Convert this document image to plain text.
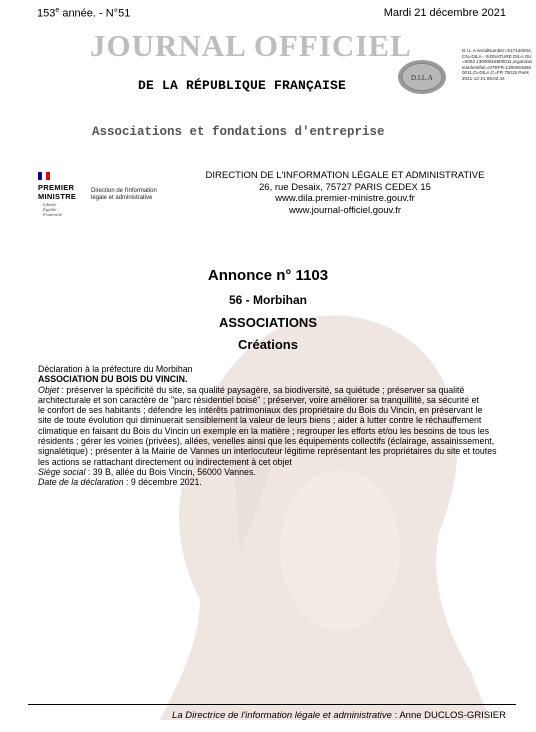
153e année. - N°51	Mardi 21 décembre 2021
JOURNAL OFFICIEL
DE LA RÉPUBLIQUE FRANÇAISE	D.I.L.A
D.I.L.A serialNumber=S17140003,CN=DILA - SIGNATURE DILA,OU=0002 13000918600011,organizationIdentifier=NTRFR-13000918600011,O=DILA,C=FR 75015 Paris 2021-12-21 09:02:44
Associations et fondations d'entreprise
PREMIER
MINISTRE
Liberté
Égalité
Fraternité
Direction de l'information
légale et administrative
DIRECTION DE L'INFORMATION LÉGALE ET ADMINISTRATIVE
26, rue Desaix, 75727 PARIS CEDEX 15
www.dila.premier-ministre.gouv.fr
www.journal-officiel.gouv.fr
Annonce n° 1103
56 - Morbihan
ASSOCIATIONS
Créations
Déclaration à la préfecture du Morbihan
ASSOCIATION DU BOIS DU VINCIN.
Objet : préserver la spécificité du site, sa qualité paysagère, sa biodiversité, sa quiétude ; préserver sa qualité
architecturale et son caractère de "parc résidentiel boisé" ; préserver, voire améliorer sa tranquillité, sa sécurité et
le confort de ses habitants ; défendre les intérêts patrimoniaux des propriétaire du Bois du Vincin, en préservant le
site de toute évolution qui diminuerait sensiblement la valeur de leurs biens ; aider à lutter contre le réchauffement
climatique en faisant du Bois du Vincin un exemple en la matière ; regrouper les efforts et/ou les besoins de tous les
résidents ; gérer les voiries (privées), allées, venelles ainsi que les équipements collectifs (éclairage, assainissement,
signalétique) ; présenter à la Mairie de Vannes un interlocuteur légitime représentant les propriétaires du site et toutes
les actions se rattachant directement ou indirectement à cet objet
Siège social : 39 B, allée du Bois Vincin, 56000 Vannes.
Date de la déclaration : 9 décembre 2021.
La Directrice de l'information légale et administrative : Anne DUCLOS-GRISIER
